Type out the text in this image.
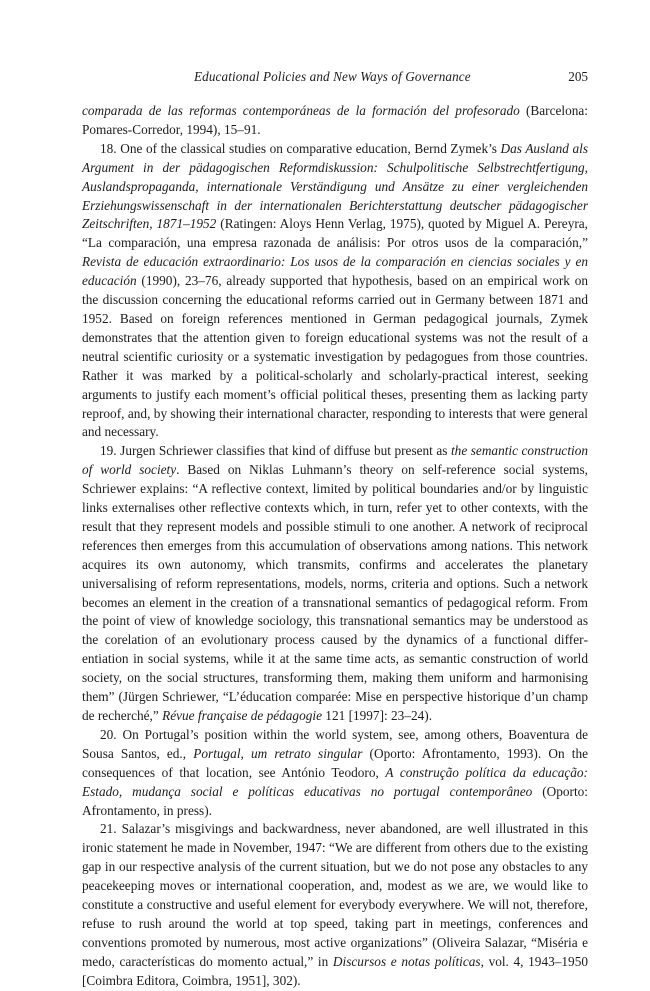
Educational Policies and New Ways of Governance	205

comparada de las reformas contemporáneas de la formación del profesorado (Barcelona: Pomares-Corredor, 1994), 15–91.

18. One of the classical studies on comparative education, Bernd Zymek’s Das Ausland als Argument in der pädagogischen Reformdiskussion: Schulpolitische Selbstrechtfertigung, Auslandspropaganda, internationale Verständigung und Ansätze zu einer vergleichenden Erziehungswissenschaft in der internationalen Berichterstattung deutscher pädagogischer Zeitschriften, 1871–1952 (Ratingen: Aloys Henn Verlag, 1975), quoted by Miguel A. Pereyra, “La comparación, una empresa razonada de análisis: Por otros usos de la comparación,” Revista de educación extraordinario: Los usos de la comparación en ciencias sociales y en educación (1990), 23–76, already supported that hypothesis, based on an empirical work on the discussion concerning the educational reforms carried out in Germany between 1871 and 1952. Based on foreign references mentioned in German pedagogical journals, Zymek demonstrates that the attention given to foreign educational systems was not the result of a neutral scientific curiosity or a systematic investigation by pedagogues from those countries. Rather it was marked by a political-scholarly and scholarly-practical interest, seeking arguments to justify each moment’s official political theses, presenting them as lacking party reproof, and, by showing their international character, responding to interests that were general and necessary.

19. Jurgen Schriewer classifies that kind of diffuse but present as the semantic construction of world society. Based on Niklas Luhmann’s theory on self-reference social systems, Schriewer explains: “A reflective context, limited by political boundaries and/or by linguistic links externalises other reflective contexts which, in turn, refer yet to other contexts, with the result that they represent models and possible stimuli to one another. A network of reciprocal references then emerges from this accumulation of observations among nations. This network acquires its own autonomy, which transmits, confirms and accelerates the planetary universalising of reform representations, models, norms, criteria and options. Such a network becomes an element in the creation of a transnational semantics of pedagogical reform. From the point of view of knowledge sociology, this transnational semantics may be understood as the corelation of an evolutionary process caused by the dynamics of a functional differentiation in social systems, while it at the same time acts, as semantic construction of world society, on the social structures, transforming them, making them uniform and harmonising them” (Jürgen Schriewer, “L’éducation comparée: Mise en perspective historique d’un champ de recherché,” Révue française de pédagogie 121 [1997]: 23–24).

20. On Portugal’s position within the world system, see, among others, Boaventura de Sousa Santos, ed., Portugal, um retrato singular (Oporto: Afrontamento, 1993). On the consequences of that location, see António Teodoro, A construção política da educação: Estado, mudança social e políticas educativas no portugal contemporâneo (Oporto: Afrontamento, in press).

21. Salazar’s misgivings and backwardness, never abandoned, are well illustrated in this ironic statement he made in November, 1947: “We are different from others due to the existing gap in our respective analysis of the current situation, but we do not pose any obstacles to any peacekeeping moves or international cooperation, and, modest as we are, we would like to constitute a constructive and useful element for everybody everywhere. We will not, therefore, refuse to rush around the world at top speed, taking part in meetings, conferences and conventions promoted by numerous, most active organizations” (Oliveira Salazar, “Miséria e medo, características do momento actual,” in Discursos e notas políticas, vol. 4, 1943–1950 [Coimbra Editora, Coimbra, 1951], 302).
